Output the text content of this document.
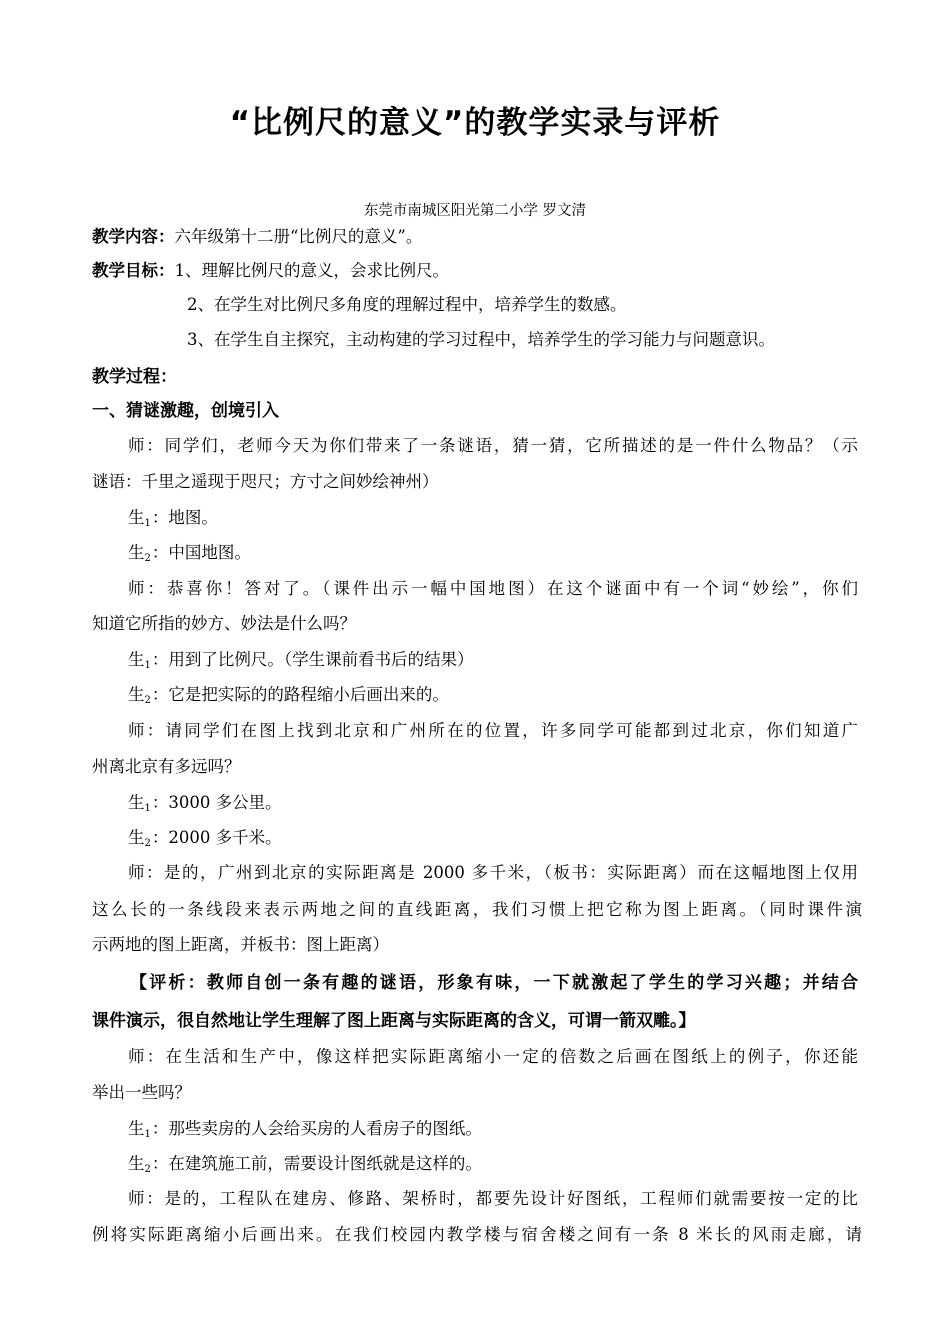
“比例尺的意义”的教学实录与评析
东莞市南城区阳光第二小学 罗文清
教学内容：六年级第十二册“比例尺的意义”。
教学目标：1、理解比例尺的意义，会求比例尺。
2、在学生对比例尺多角度的理解过程中，培养学生的数感。
3、在学生自主探究，主动构建的学习过程中，培养学生的学习能力与问题意识。
教学过程：
一、猜谜激趣，创境引入
师：同学们，老师今天为你们带来了一条谜语，猜一猜，它所描述的是一件什么物品？（示
谜语：千里之遥现于咫尺；方寸之间妙绘神州）
生$_1$：地图。
生$_2$：中国地图。
师：恭喜你！答对了。（课件出示一幅中国地图）在这个谜面中有一个词“妙绘”，你们
知道它所指的妙方、妙法是什么吗？
生$_1$：用到了比例尺。（学生课前看书后的结果）
生$_2$：它是把实际的的路程缩小后画出来的。
师：请同学们在图上找到北京和广州所在的位置，许多同学可能都到过北京，你们知道广
州离北京有多远吗？
生$_1$：3000 多公里。
生$_2$：2000 多千米。
师：是的，广州到北京的实际距离是 2000 多千米，（板书：实际距离）而在这幅地图上仅用
这么长的一条线段来表示两地之间的直线距离，我们习惯上把它称为图上距离。（同时课件演
示两地的图上距离，并板书：图上距离）
【评析：教师自创一条有趣的谜语，形象有味，一下就激起了学生的学习兴趣；并结合
课件演示，很自然地让学生理解了图上距离与实际距离的含义，可谓一箭双雕。】
师：在生活和生产中，像这样把实际距离缩小一定的倍数之后画在图纸上的例子，你还能
举出一些吗？
生$_1$：那些卖房的人会给买房的人看房子的图纸。
生$_2$：在建筑施工前，需要设计图纸就是这样的。
师：是的，工程队在建房、修路、架桥时，都要先设计好图纸，工程师们就需要按一定的比
例将实际距离缩小后画出来。在我们校园内教学楼与宿舍楼之间有一条 8 米长的风雨走廊，请
